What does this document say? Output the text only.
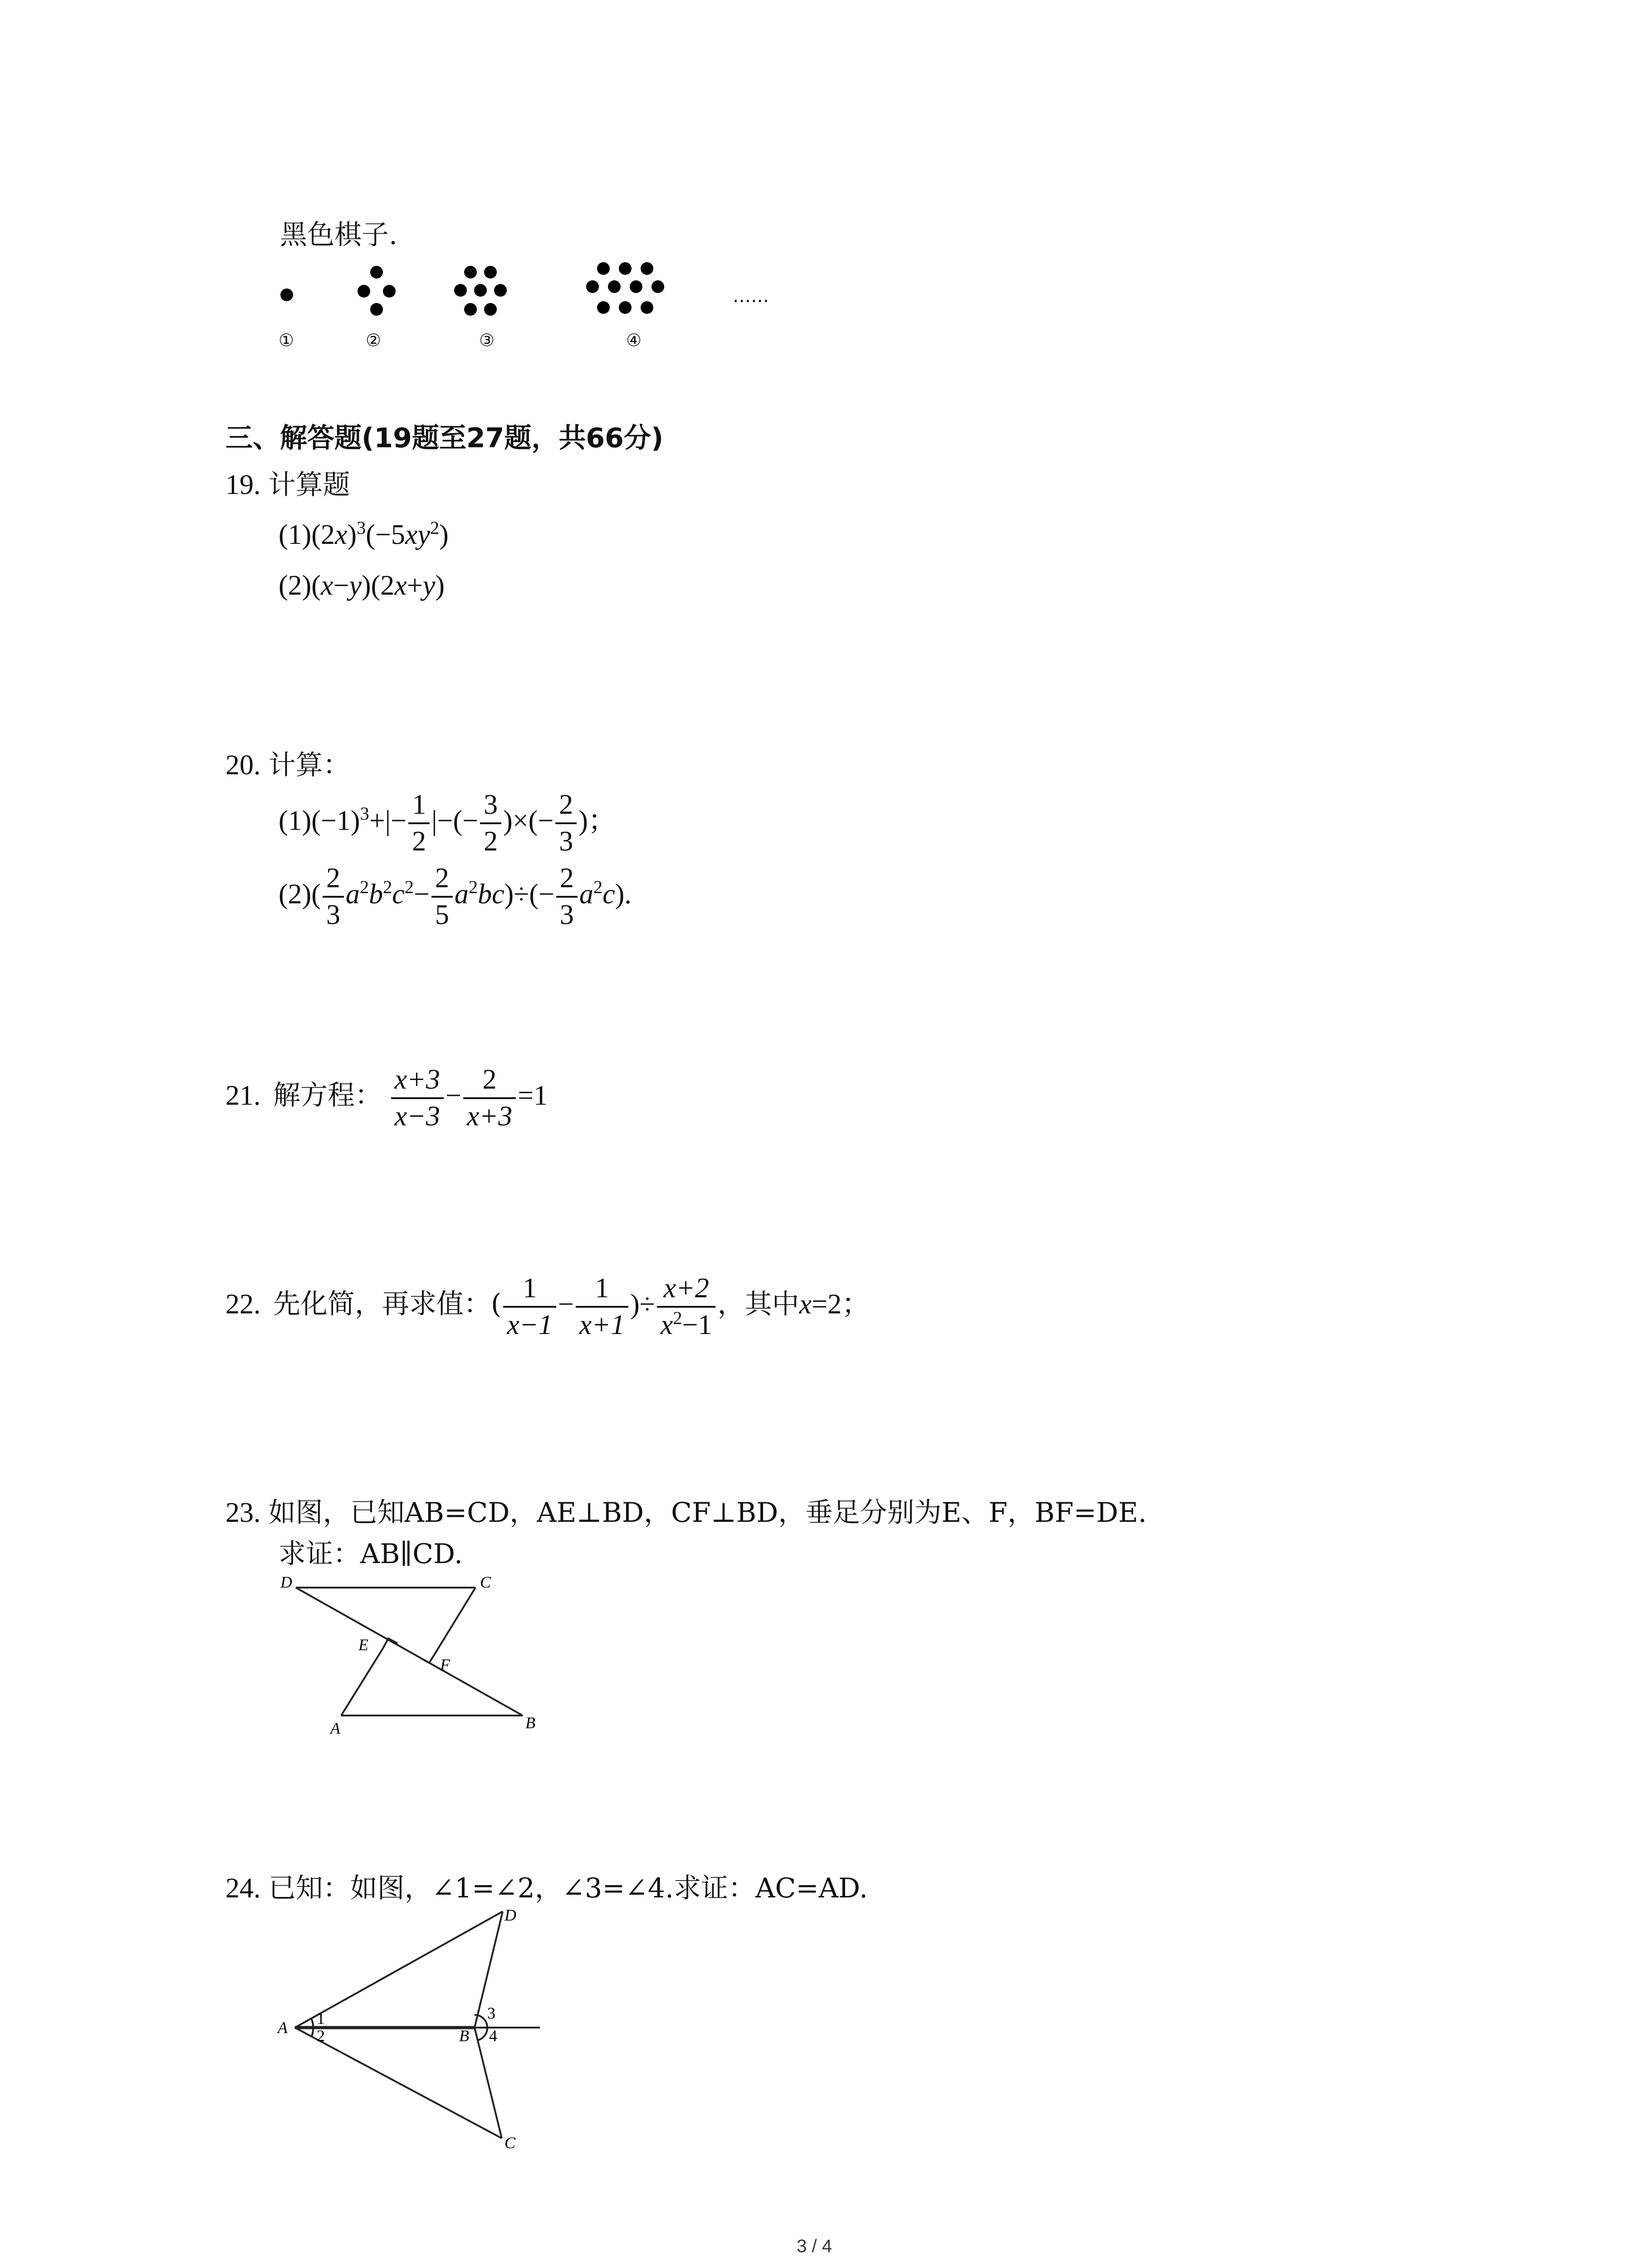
黑色棋子.
①	②	③	④
……
三、解答题(19题至27题，共66分)
19. 计算题
$(1)(2x)^3(-5xy^2)$
(2)(x−y)(2x+y)
20. 计算：
$(1)(-1)^3+|- \frac{1}{2}$ |−(− $\frac{3}{2}$ )×(− $\frac{2}{3}$ )；
$(2)( \frac{2}{3} a^2b^2c^2- \frac{2}{5} a^2bc)\div(- \frac{2}{3} a^2c)$.
21. 解方程： $\frac{x+3}{x-3} - \frac{2}{x+3} =1$
22. 先化简，再求值：( $\frac{1}{x-1} - \frac{1}{x+1}$ )÷ $\frac{x+2}{x^2-1}$ ，其中x=2；
23. 如图，已知AB=CD，AE⊥BD，CF⊥BD，垂足分别为E、F，BF=DE.
求证：AB∥CD.
D	C
E
F
A	B
24. 已知：如图，∠1=∠2，∠3=∠4.求证：AC=AD.
A	B
C
D
1
2
3
4
3 / 4
